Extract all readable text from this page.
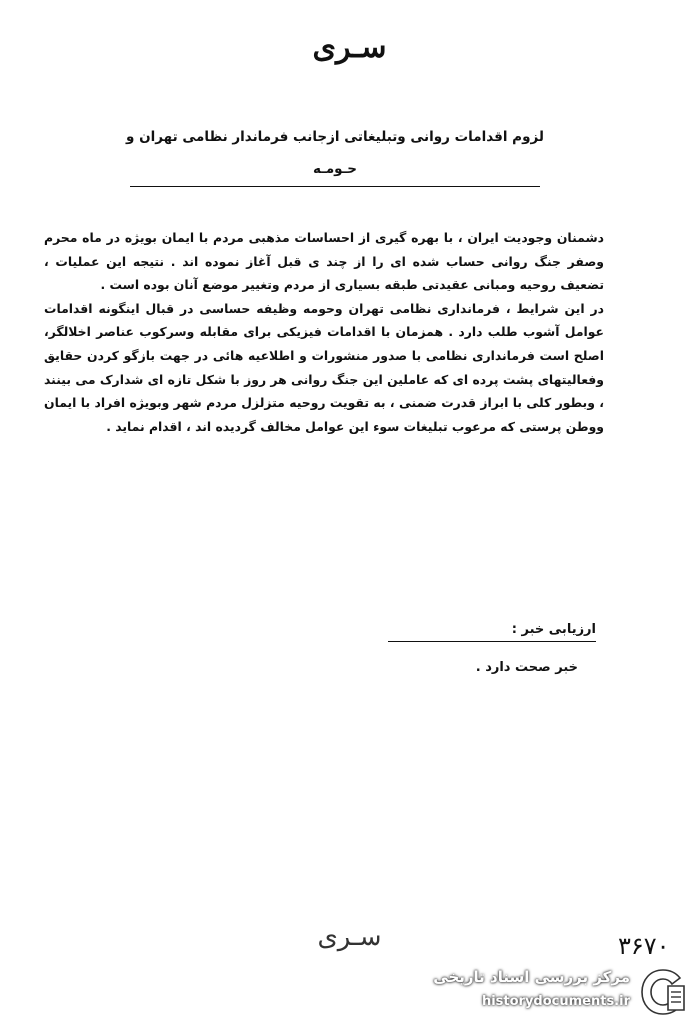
سـری
لزوم اقدامات روانی وتبلیغاتی ازجانب فرماندار نظامی تهران و
حـومـه

دشمنان وجودیت ایران ، با بهره گیری از احساسات مذهبی مردم با ایمان بویژه در ماه محرم وصفر جنگ روانی حساب شده ای را از چند ی قبل آغاز نموده اند . نتیجه این عملیات ، تضعیف روحیه ومبانی عقیدتی طبقه بسیاری از مردم وتغییر موضع آنان بوده است .

در این شرایط ، فرمانداری نظامی تهران وحومه وظیفه حساسی در قبال اینگونه اقدامات عوامل آشوب طلب دارد . همزمان با اقدامات فیزیکی برای مقابله وسرکوب عناصر اخلالگر، اصلح است فرمانداری نظامی با صدور منشورات و اطلاعیه هائی در جهت بازگو کردن حقایق وفعالیتهای پشت پرده ای که عاملین این جنگ روانی هر روز با شکل تازه ای شدارک می بینند ، وبطور کلی با ابراز قدرت ضمنی ، به تقویت روحیه متزلزل مردم شهر وبویژه افراد با ایمان ووطن پرستی که مرعوب تبلیغات سوء این عوامل مخالف گردیده اند ، اقدام نماید .

ارزیابی خبر :
خبر صحت دارد .
سـری	۳۶۷۰
مرکز بررسی اسناد تاریخی
historydocuments.ir
